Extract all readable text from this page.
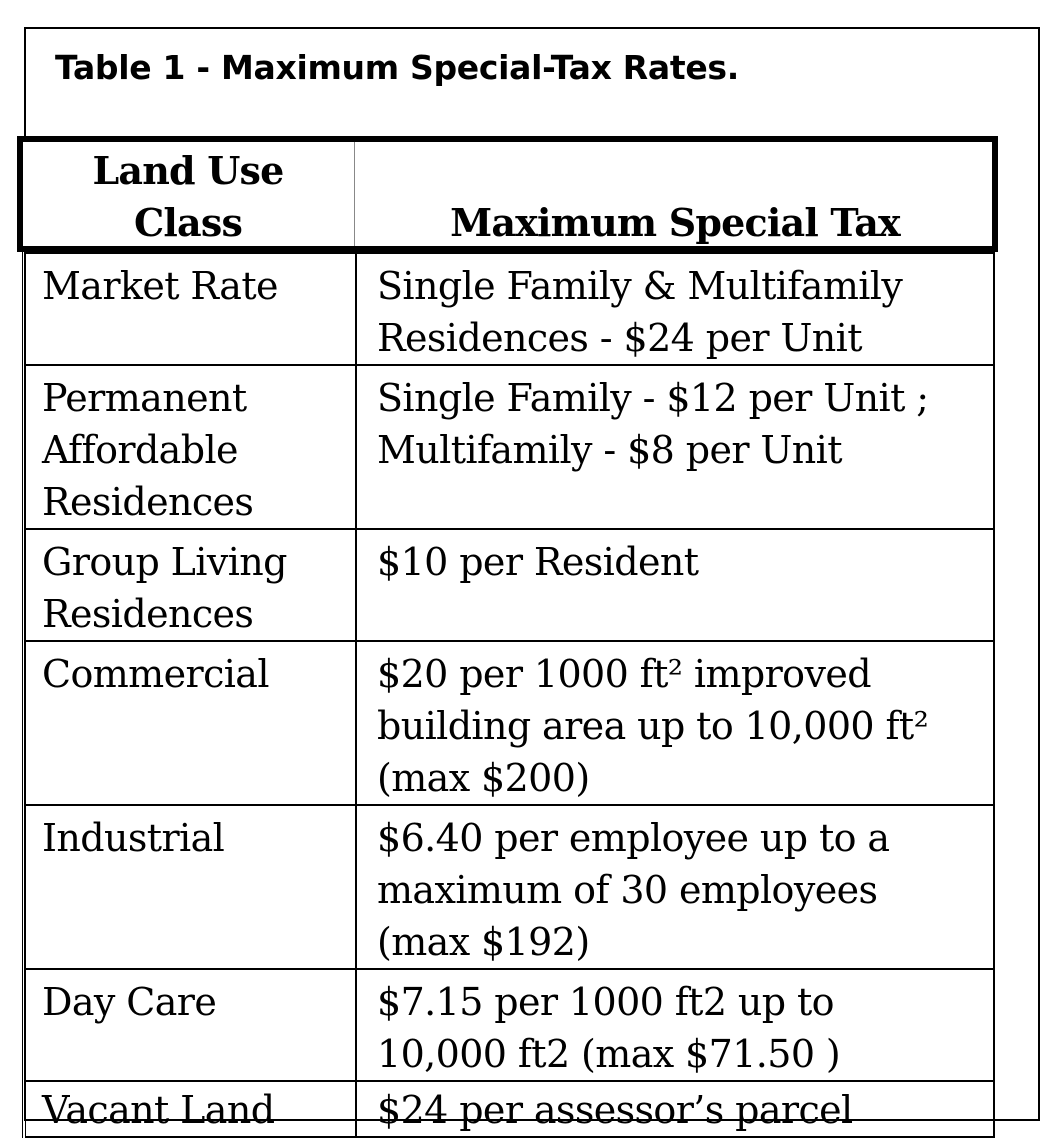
Table 1 - Maximum Special-Tax Rates.
Land Use
Class	Maximum Special Tax
Market Rate	Single Family & Multifamily
Residences - $24 per Unit

Permanent
Affordable
Residences	Single Family - $12 per Unit ;
Multifamily - $8 per Unit

Group Living
Residences	$10 per Resident

Commercial	$20 per 1000 ft² improved
building area up to 10,000 ft²
(max $200)

Industrial	$6.40 per employee up to a
maximum of 30 employees
(max $192)

Day Care	$7.15 per 1000 ft2 up to
10,000 ft2 (max $71.50 )

Vacant Land	$24 per assessor’s parcel
